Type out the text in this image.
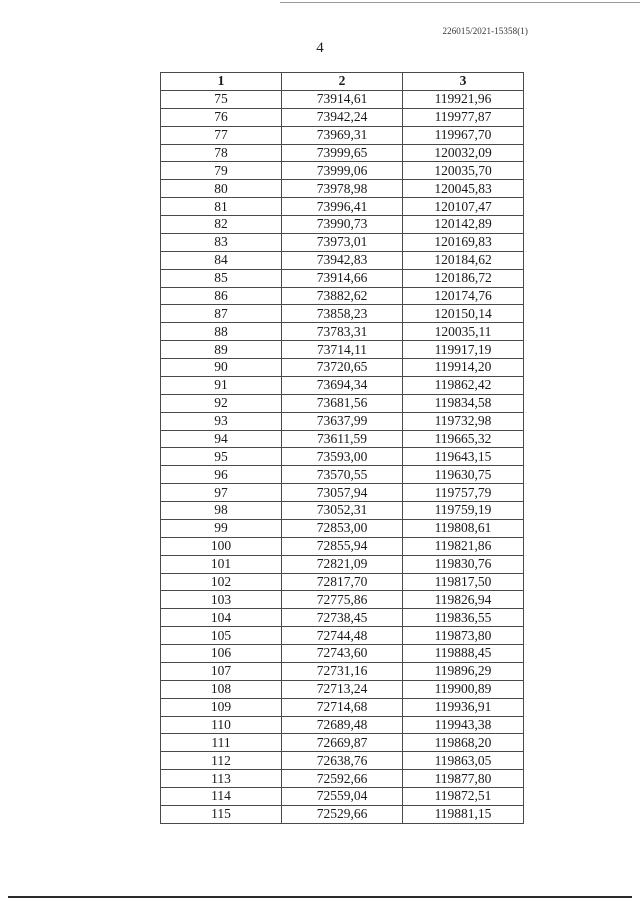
226015/2021-15358(1)
4
1	2	3
75	73914,61	119921,96
76	73942,24	119977,87
77	73969,31	119967,70
78	73999,65	120032,09
79	73999,06	120035,70
80	73978,98	120045,83
81	73996,41	120107,47
82	73990,73	120142,89
83	73973,01	120169,83
84	73942,83	120184,62
85	73914,66	120186,72
86	73882,62	120174,76
87	73858,23	120150,14
88	73783,31	120035,11
89	73714,11	119917,19
90	73720,65	119914,20
91	73694,34	119862,42
92	73681,56	119834,58
93	73637,99	119732,98
94	73611,59	119665,32
95	73593,00	119643,15
96	73570,55	119630,75
97	73057,94	119757,79
98	73052,31	119759,19
99	72853,00	119808,61
100	72855,94	119821,86
101	72821,09	119830,76
102	72817,70	119817,50
103	72775,86	119826,94
104	72738,45	119836,55
105	72744,48	119873,80
106	72743,60	119888,45
107	72731,16	119896,29
108	72713,24	119900,89
109	72714,68	119936,91
110	72689,48	119943,38
111	72669,87	119868,20
112	72638,76	119863,05
113	72592,66	119877,80
114	72559,04	119872,51
115	72529,66	119881,15
